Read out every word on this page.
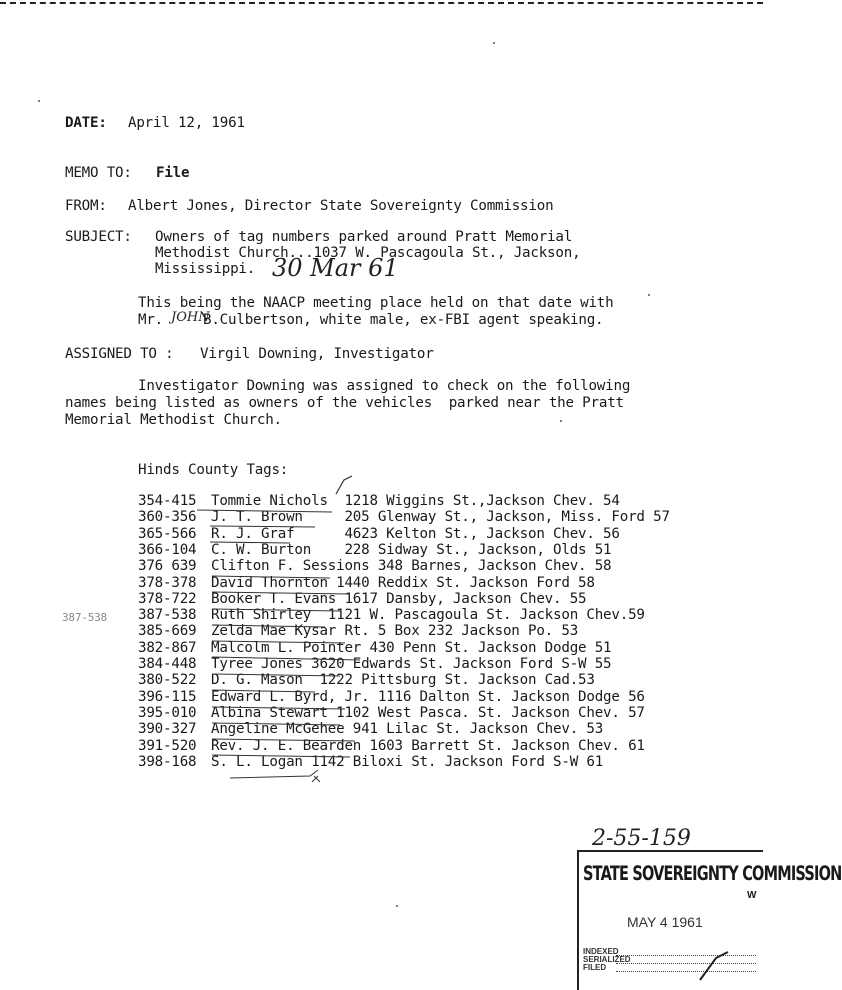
DATE: April 12, 1961
MEMO TO: File
FROM: Albert Jones, Director State Sovereignty Commission
SUBJECT: Owners of tag numbers parked around Pratt Memorial
Methodist Church...1037 W. Pascagoula St., Jackson,
Mississippi. 30 Mar 61
This being the NAACP meeting place held on that date with
Mr. JOHN
B.Culbertson, white male, ex-FBI agent speaking.
ASSIGNED TO : Virgil Downing, Investigator
Investigator Downing was assigned to check on the following
names being listed as owners of the vehicles  parked near the Pratt
Memorial Methodist Church.
Hinds County Tags:
354-415 Tommie Nichols  1218 Wiggins St.,Jackson Chev. 54
360-356 J. T. Brown     205 Glenway St., Jackson, Miss. Ford 57
365-566 R. J. Graf      4623 Kelton St., Jackson Chev. 56
366-104 C. W. Burton    228 Sidway St., Jackson, Olds 51
376 639 Clifton F. Sessions 348 Barnes, Jackson Chev. 58
378-378 David Thornton 1440 Reddix St. Jackson Ford 58
378-722 Booker T. Evans 1617 Dansby, Jackson Chev. 55
387-538 Ruth Shirley  1121 W. Pascagoula St. Jackson Chev.59
385-669 Zelda Mae Kysar Rt. 5 Box 232 Jackson Po. 53
382-867 Malcolm L. Pointer 430 Penn St. Jackson Dodge 51
384-448 Tyree Jones 3620 Edwards St. Jackson Ford S-W 55
380-522 D. G. Mason  1222 Pittsburg St. Jackson Cad.53
396-115 Edward L. Byrd, Jr. 1116 Dalton St. Jackson Dodge 56
395-010 Albina Stewart 1102 West Pasca. St. Jackson Chev. 57
390-327 Angeline McGehee 941 Lilac St. Jackson Chev. 53
391-520 Rev. J. E. Bearden 1603 Barrett St. Jackson Chev. 61
398-168 S. L. Logan 1142 Biloxi St. Jackson Ford S-W 61
387-538
2-55-159
STATE SOVEREIGNTY COMMISSION
W
MAY 4 1961
INDEXED
SERIALIZED
FILED
